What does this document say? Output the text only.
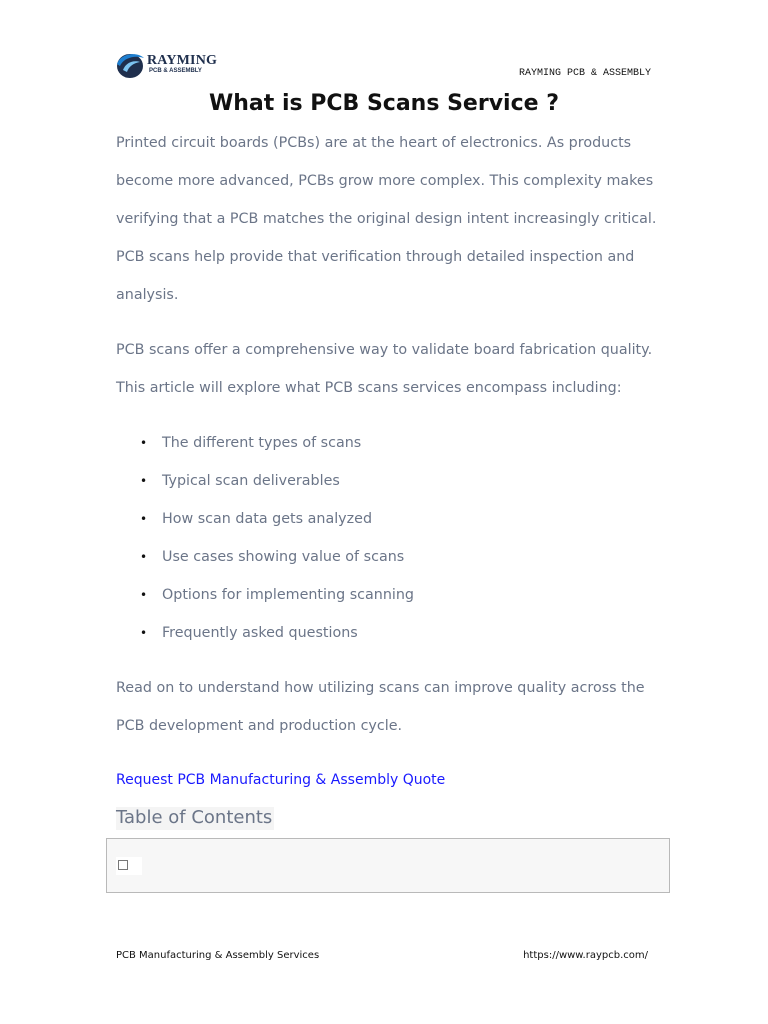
RAYMING
PCB & ASSEMBLY	RAYMING PCB & ASSEMBLY
What is PCB Scans Service ?
Printed circuit boards (PCBs) are at the heart of electronics. As products become more advanced, PCBs grow more complex. This complexity makes verifying that a PCB matches the original design intent increasingly critical. PCB scans help provide that verification through detailed inspection and analysis.
PCB scans offer a comprehensive way to validate board fabrication quality. This article will explore what PCB scans services encompass including:
• The different types of scans
• Typical scan deliverables
• How scan data gets analyzed
• Use cases showing value of scans
• Options for implementing scanning
• Frequently asked questions
Read on to understand how utilizing scans can improve quality across the PCB development and production cycle.
Request PCB Manufacturing & Assembly Quote
Table of Contents
PCB Manufacturing & Assembly Services	https://www.raypcb.com/
